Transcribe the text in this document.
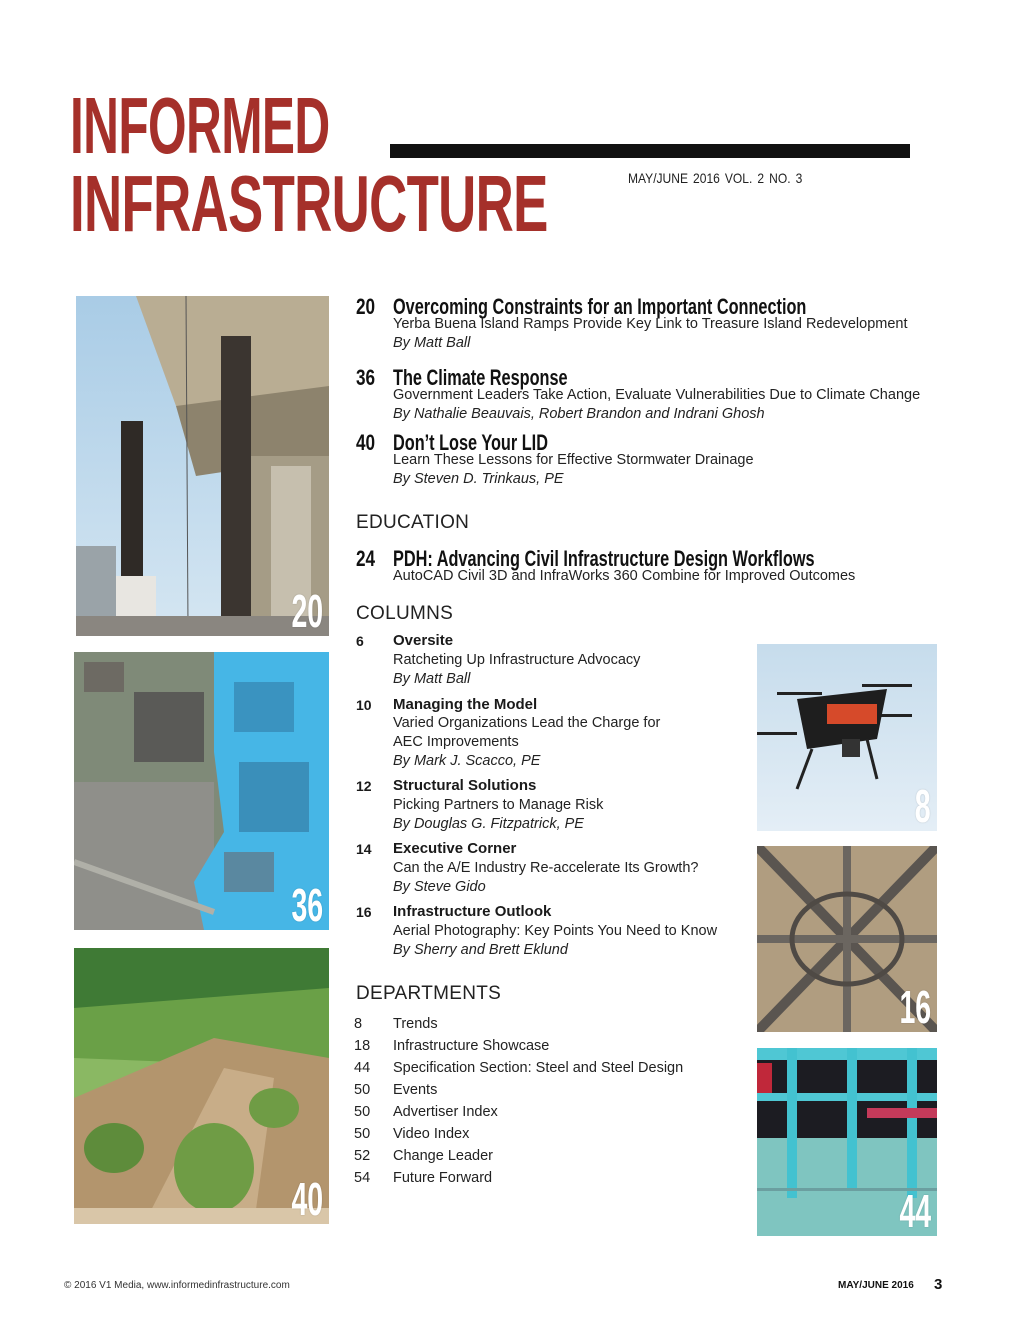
INFORMED
INFRASTRUCTURE	MAY/JUNE 2016 VOL. 2 NO. 3
20
36
40
8
16
44
20 Overcoming Constraints for an Important Connection
Yerba Buena Island Ramps Provide Key Link to Treasure Island Redevelopment
By Matt Ball
36 The Climate Response
Government Leaders Take Action, Evaluate Vulnerabilities Due to Climate Change
By Nathalie Beauvais, Robert Brandon and Indrani Ghosh
40 Don’t Lose Your LID
Learn These Lessons for Effective Stormwater Drainage
By Steven D. Trinkaus, PE
EDUCATION
24 PDH: Advancing Civil Infrastructure Design Workflows
AutoCAD Civil 3D and InfraWorks 360 Combine for Improved Outcomes
COLUMNS
6 Oversite
Ratcheting Up Infrastructure Advocacy
By Matt Ball
10 Managing the Model
Varied Organizations Lead the Charge for
AEC Improvements
By Mark J. Scacco, PE
12 Structural Solutions
Picking Partners to Manage Risk
By Douglas G. Fitzpatrick, PE
14 Executive Corner
Can the A/E Industry Re-accelerate Its Growth?
By Steve Gido
16 Infrastructure Outlook
Aerial Photography: Key Points You Need to Know
By Sherry and Brett Eklund
DEPARTMENTS
8 Trends
18 Infrastructure Showcase
44 Specification Section: Steel and Steel Design
50 Events
50 Advertiser Index
50 Video Index
52 Change Leader
54 Future Forward
© 2016 V1 Media, www.informedinfrastructure.com	MAY/JUNE 2016 3
